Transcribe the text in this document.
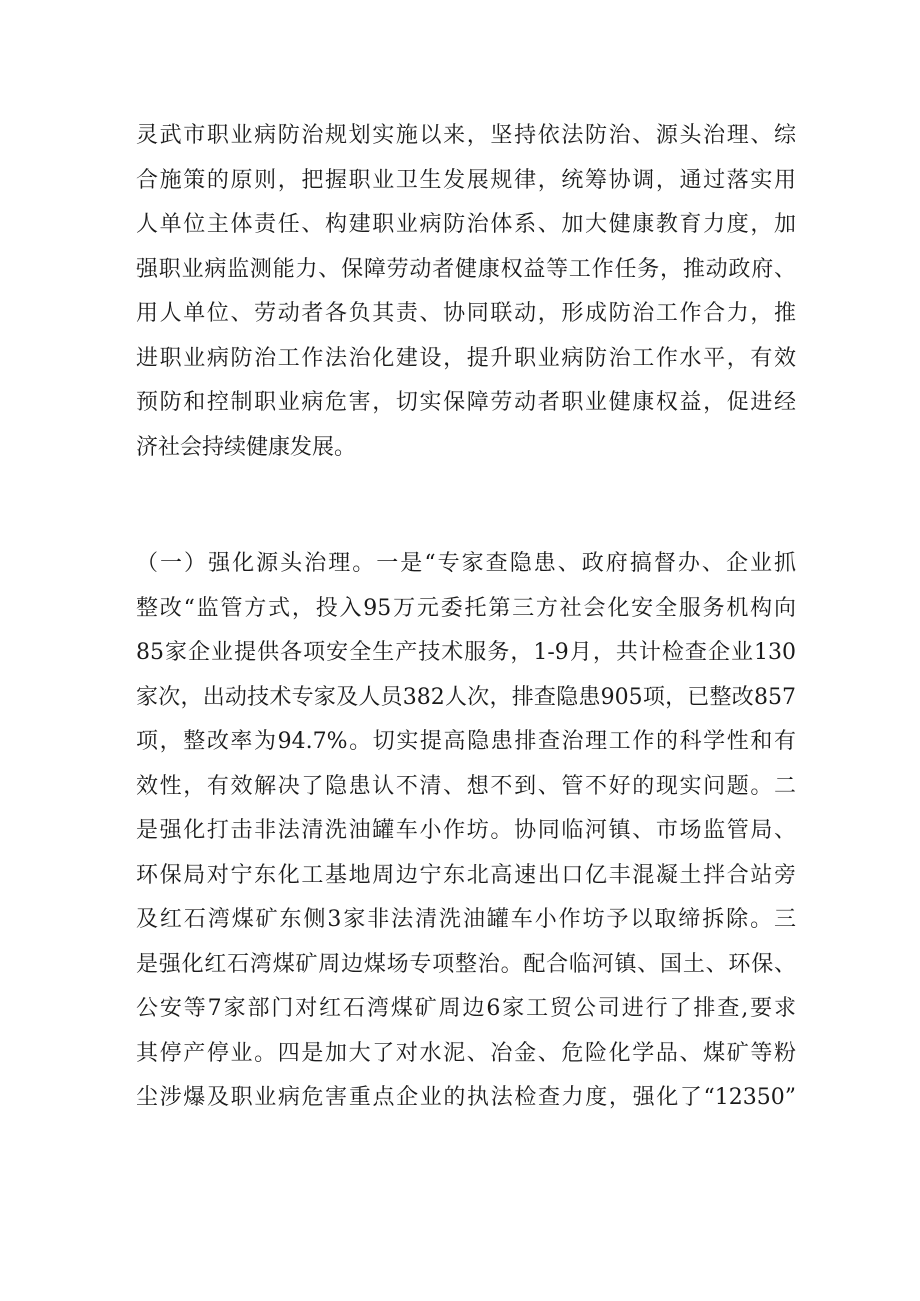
灵武市职业病防治规划实施以来，坚持依法防治、源头治理、综
合施策的原则，把握职业卫生发展规律，统筹协调，通过落实用
人单位主体责任、构建职业病防治体系、加大健康教育力度，加
强职业病监测能力、保障劳动者健康权益等工作任务，推动政府、
用人单位、劳动者各负其责、协同联动，形成防治工作合力，推
进职业病防治工作法治化建设，提升职业病防治工作水平，有效
预防和控制职业病危害，切实保障劳动者职业健康权益，促进经
济社会持续健康发展。
（一）强化源头治理。一是“专家查隐患、政府搞督办、企业抓
整改“监管方式，投入95万元委托第三方社会化安全服务机构向
85家企业提供各项安全生产技术服务，1-9月，共计检查企业130
家次，出动技术专家及人员382人次，排查隐患905项，已整改857
项，整改率为94.7%。切实提高隐患排查治理工作的科学性和有
效性，有效解决了隐患认不清、想不到、管不好的现实问题。二
是强化打击非法清洗油罐车小作坊。协同临河镇、市场监管局、
环保局对宁东化工基地周边宁东北高速出口亿丰混凝土拌合站旁
及红石湾煤矿东侧3家非法清洗油罐车小作坊予以取缔拆除。三
是强化红石湾煤矿周边煤场专项整治。配合临河镇、国土、环保、
公安等7家部门对红石湾煤矿周边6家工贸公司进行了排查,要求
其停产停业。四是加大了对水泥、冶金、危险化学品、煤矿等粉
尘涉爆及职业病危害重点企业的执法检查力度，强化了“12350”
